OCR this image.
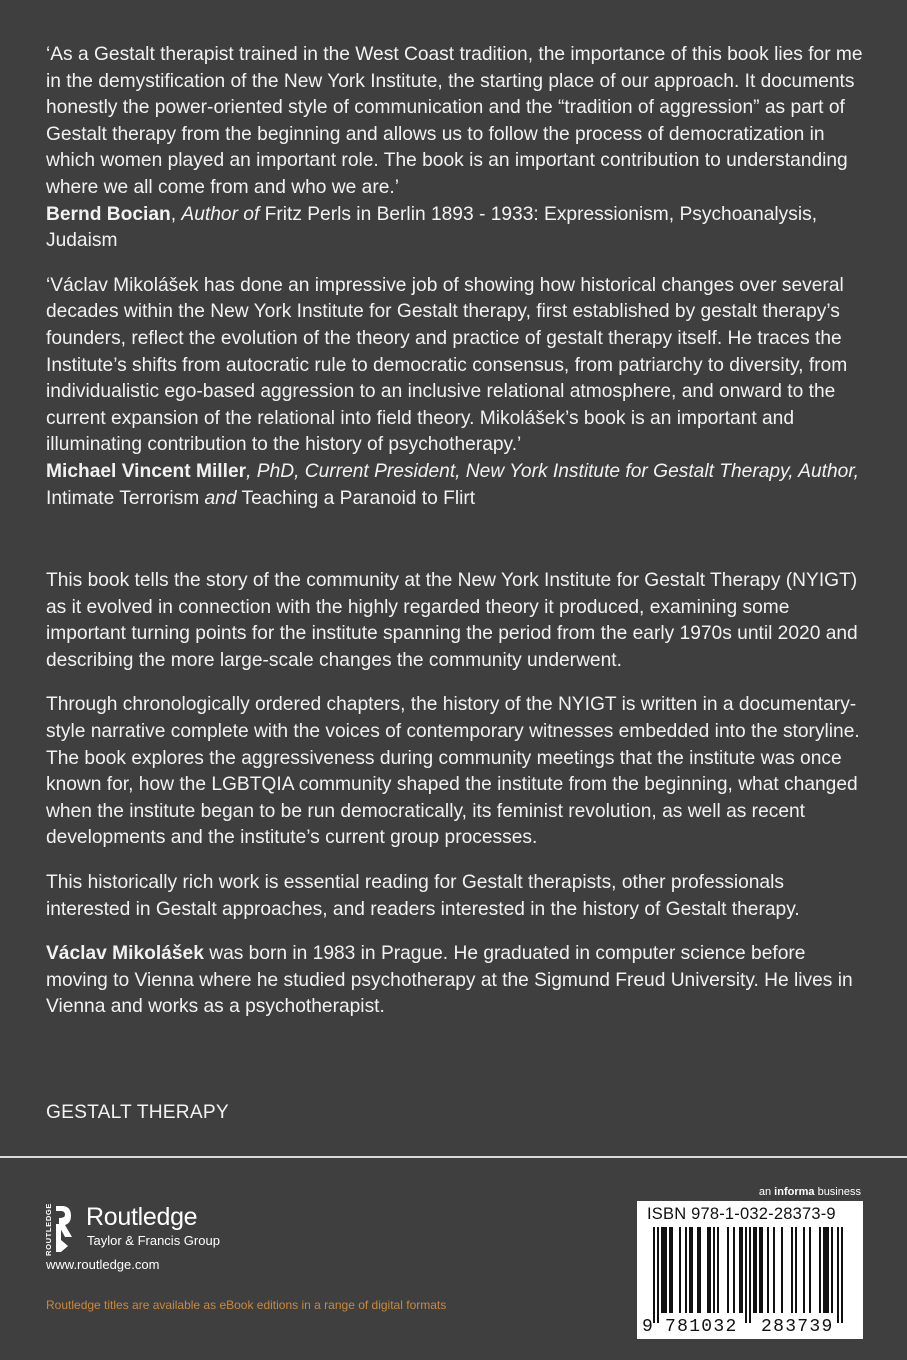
‘As a Gestalt therapist trained in the West Coast tradition, the importance of this book lies for me in the demystification of the New York Institute, the starting place of our approach. It documents honestly the power-oriented style of communication and the “tradition of aggression” as part of Gestalt therapy from the beginning and allows us to follow the process of democratization in which women played an important role. The book is an important contribution to understanding where we all come from and who we are.’
Bernd Bocian, Author of Fritz Perls in Berlin 1893 - 1933: Expressionism, Psychoanalysis, Judaism

‘Václav Mikolášek has done an impressive job of showing how historical changes over several decades within the New York Institute for Gestalt therapy, first established by gestalt therapy’s founders, reflect the evolution of the theory and practice of gestalt therapy itself. He traces the Institute’s shifts from autocratic rule to democratic consensus, from patriarchy to diversity, from individualistic ego-based aggression to an inclusive relational atmosphere, and onward to the current expansion of the relational into field theory. Mikolášek’s book is an important and illuminating contribution to the history of psychotherapy.’
Michael Vincent Miller, PhD, Current President, New York Institute for Gestalt Therapy, Author, Intimate Terrorism and Teaching a Paranoid to Flirt

This book tells the story of the community at the New York Institute for Gestalt Therapy (NYIGT) as it evolved in connection with the highly regarded theory it produced, examining some important turning points for the institute spanning the period from the early 1970s until 2020 and describing the more large-scale changes the community underwent.

Through chronologically ordered chapters, the history of the NYIGT is written in a documentary-style narrative complete with the voices of contemporary witnesses embedded into the storyline. The book explores the aggressiveness during community meetings that the institute was once known for, how the LGBTQIA community shaped the institute from the beginning, what changed when the institute began to be run democratically, its feminist revolution, as well as recent developments and the institute’s current group processes.

This historically rich work is essential reading for Gestalt therapists, other professionals interested in Gestalt approaches, and readers interested in the history of Gestalt therapy.

Václav Mikolášek was born in 1983 in Prague. He graduated in computer science before moving to Vienna where he studied psychotherapy at the Sigmund Freud University. He lives in Vienna and works as a psychotherapist.

GESTALT THERAPY
ROUTLEDGE Routledge
Taylor & Francis Group
www.routledge.com
Routledge titles are available as eBook editions in a range of digital formats
an informa business
ISBN 978-1-032-28373-9
9 781032 283739
